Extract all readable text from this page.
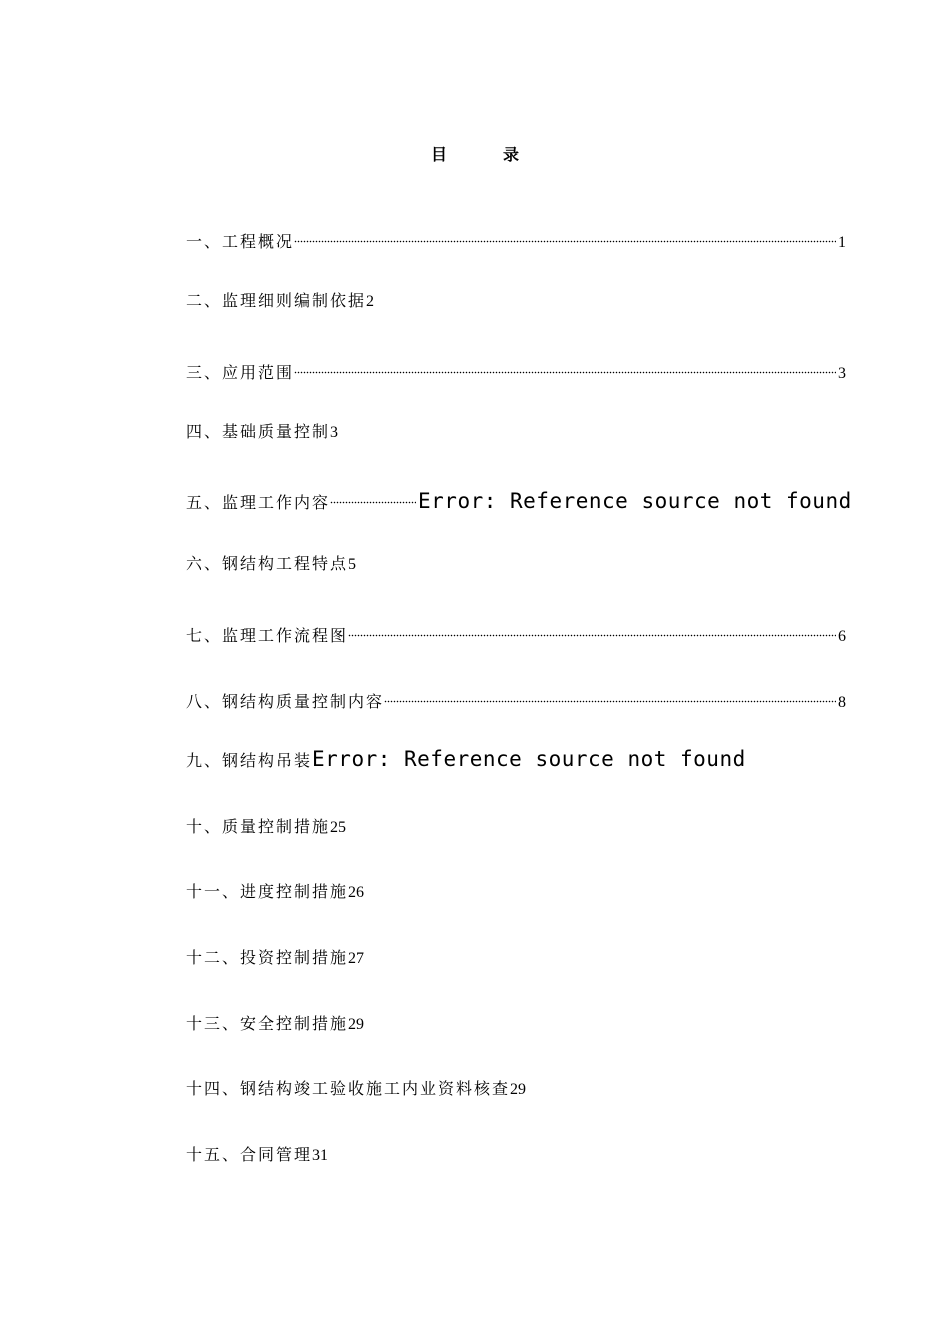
目	录
一、工程概况	1
二、监理细则编制依据 2
三、应用范围	3
四、基础质量控制 3
五、监理工作内容	Error: Reference source not found
六、钢结构工程特点 5
七、监理工作流程图	6
八、钢结构质量控制内容	8
九、钢结构吊装 Error: Reference source not found
十、质量控制措施 25
十一、进度控制措施 26
十二、投资控制措施 27
十三、安全控制措施 29
十四、钢结构竣工验收施工内业资料核查 29
十五、合同管理 31
